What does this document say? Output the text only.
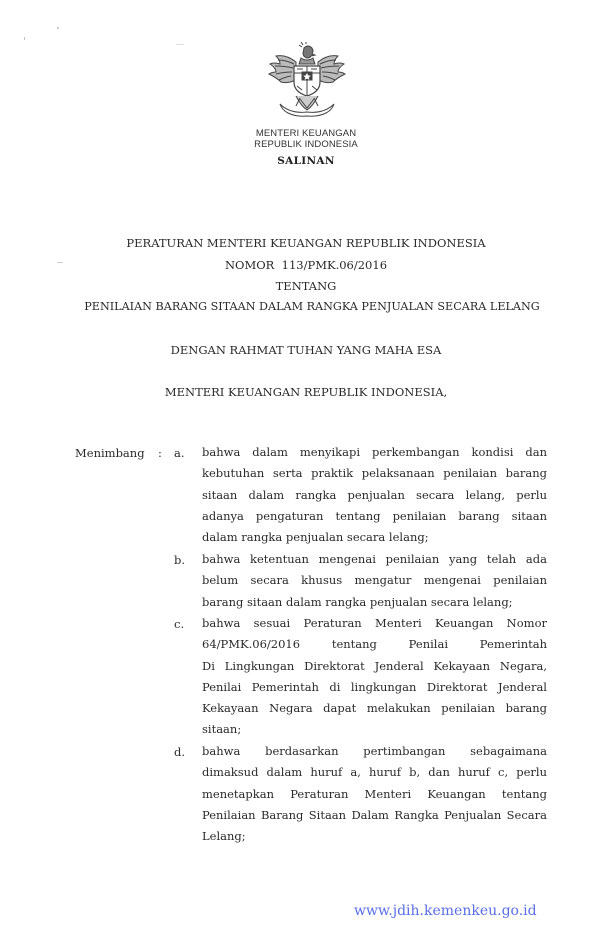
MENTERI KEUANGAN
REPUBLIK INDONESIA
SALINAN
PERATURAN MENTERI KEUANGAN REPUBLIK INDONESIA
NOMOR  113/PMK.06/2016
TENTANG
PENILAIAN BARANG SITAAN DALAM RANGKA PENJUALAN SECARA LELANG
DENGAN RAHMAT TUHAN YANG MAHA ESA
MENTERI KEUANGAN REPUBLIK INDONESIA,
Menimbang : a. bahwa dalam menyikapi perkembangan kondisi dan
kebutuhan serta praktik pelaksanaan penilaian barang
sitaan dalam rangka penjualan secara lelang, perlu
adanya pengaturan tentang penilaian barang sitaan
dalam rangka penjualan secara lelang;
b. bahwa ketentuan mengenai penilaian yang telah ada
belum secara khusus mengatur mengenai penilaian
barang sitaan dalam rangka penjualan secara lelang;
c. bahwa sesuai Peraturan Menteri Keuangan Nomor
64/PMK.06/2016 tentang Penilai Pemerintah
Di Lingkungan Direktorat Jenderal Kekayaan Negara,
Penilai Pemerintah di lingkungan Direktorat Jenderal
Kekayaan Negara dapat melakukan penilaian barang
sitaan;
d. bahwa berdasarkan pertimbangan sebagaimana
dimaksud dalam huruf a, huruf b, dan huruf c, perlu
menetapkan Peraturan Menteri Keuangan tentang
Penilaian Barang Sitaan Dalam Rangka Penjualan Secara
Lelang;
www.jdih.kemenkeu.go.id
